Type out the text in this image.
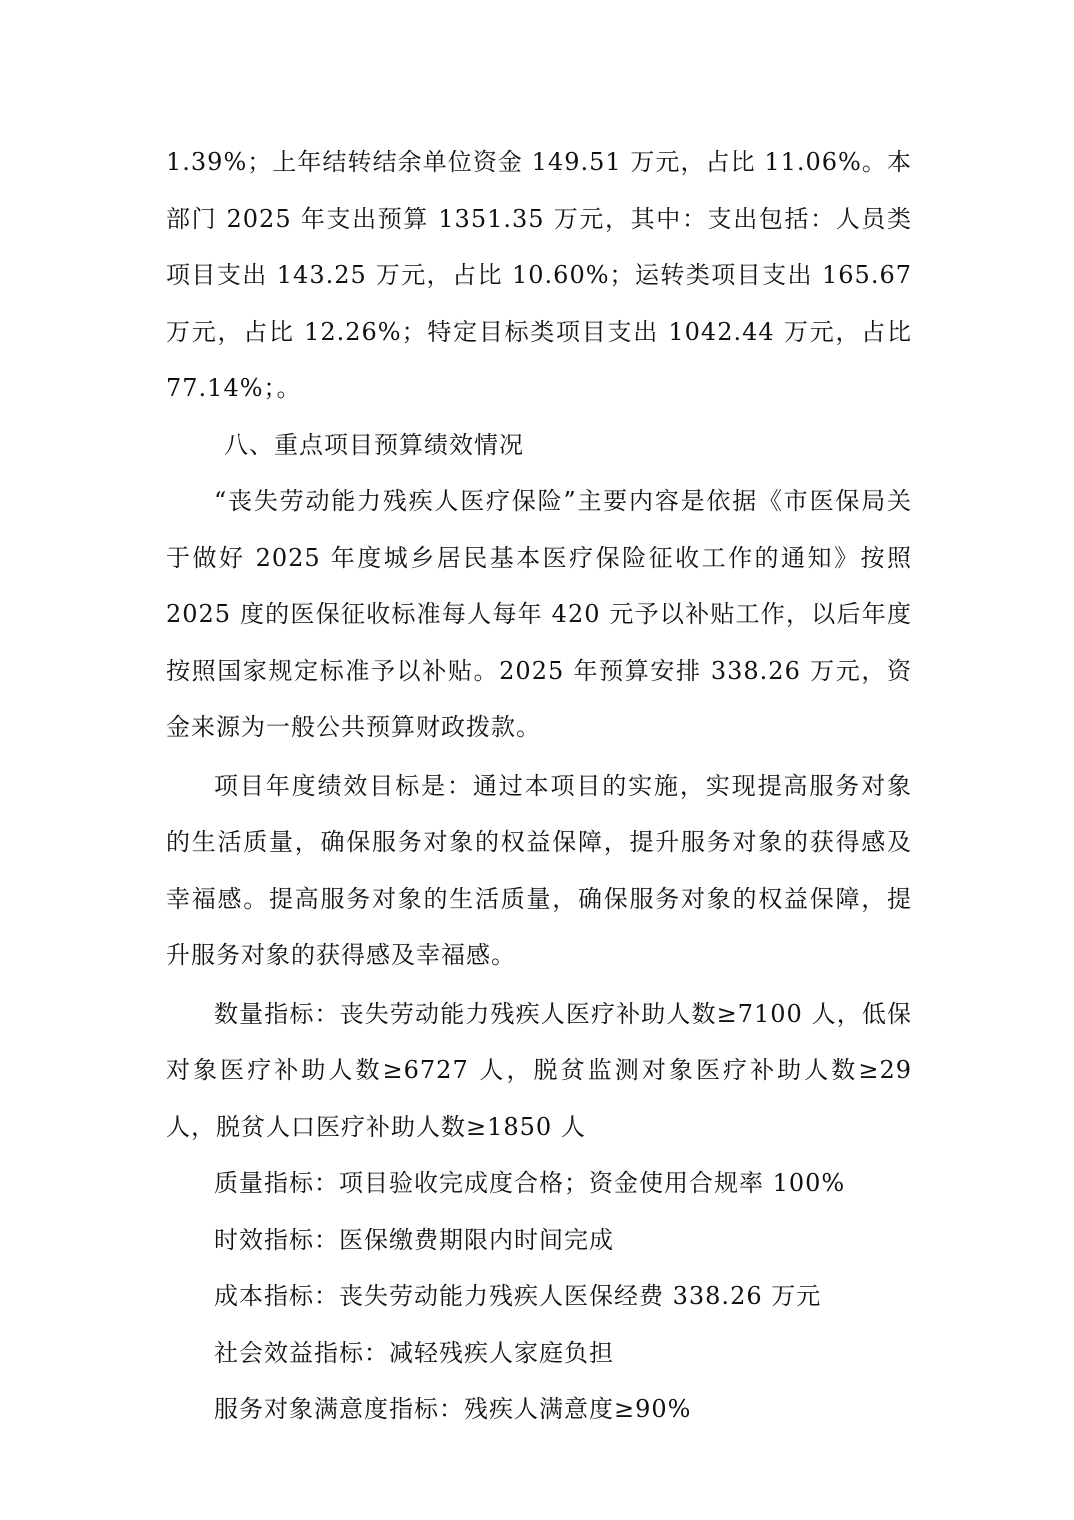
1.39%；上年结转结余单位资金 149.51 万元，占比 11.06%。本部门 2025 年支出预算 1351.35 万元，其中：支出包括：人员类项目支出 143.25 万元，占比 10.60%；运转类项目支出 165.67 万元，占比 12.26%；特定目标类项目支出 1042.44 万元，占比 77.14%；。

八、重点项目预算绩效情况

“丧失劳动能力残疾人医疗保险”主要内容是依据《市医保局关于做好 2025 年度城乡居民基本医疗保险征收工作的通知》按照 2025 度的医保征收标准每人每年 420 元予以补贴工作，以后年度按照国家规定标准予以补贴。2025 年预算安排 338.26 万元，资金来源为一般公共预算财政拨款。

项目年度绩效目标是：通过本项目的实施，实现提高服务对象的生活质量，确保服务对象的权益保障，提升服务对象的获得感及幸福感。提高服务对象的生活质量，确保服务对象的权益保障，提升服务对象的获得感及幸福感。

数量指标：丧失劳动能力残疾人医疗补助人数≥7100 人，低保对象医疗补助人数≥6727 人，脱贫监测对象医疗补助人数≥29 人，脱贫人口医疗补助人数≥1850 人

质量指标：项目验收完成度合格；资金使用合规率 100%

时效指标：医保缴费期限内时间完成

成本指标：丧失劳动能力残疾人医保经费 338.26 万元

社会效益指标：减轻残疾人家庭负担

服务对象满意度指标：残疾人满意度≥90%
